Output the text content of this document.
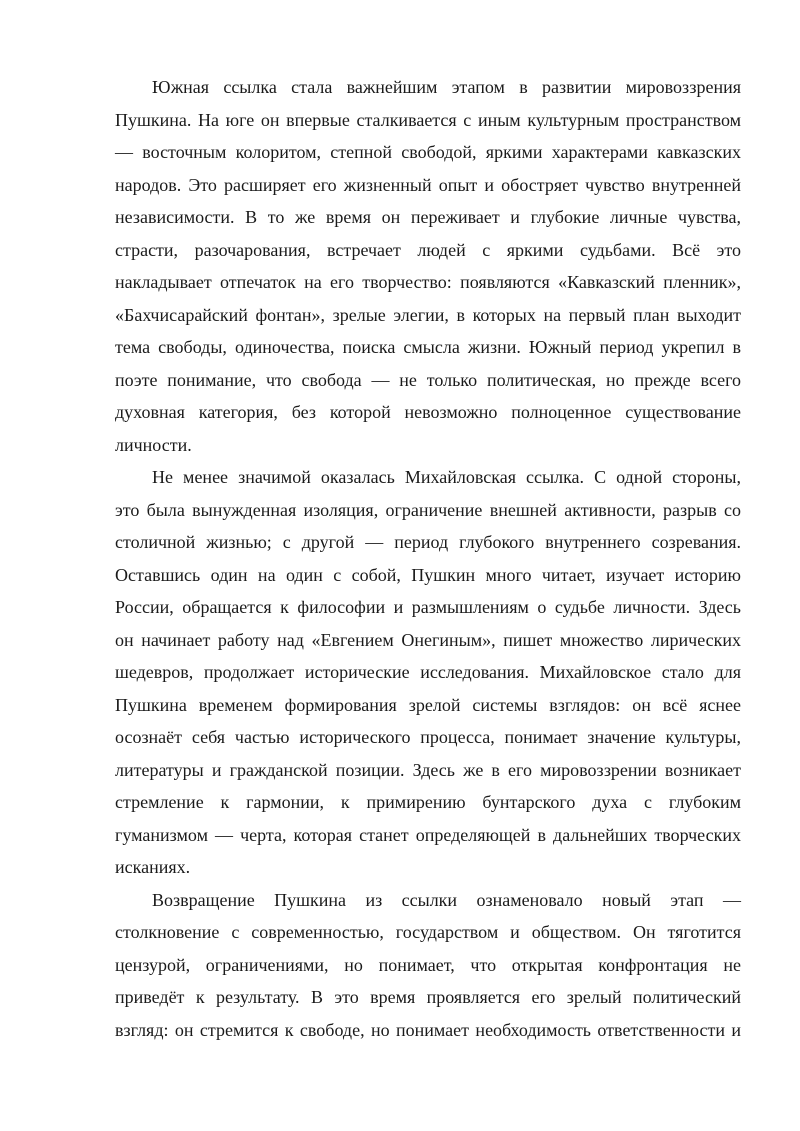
Южная ссылка стала важнейшим этапом в развитии мировоззрения
Пушкина. На юге он впервые сталкивается с иным культурным пространством
— восточным колоритом, степной свободой, яркими характерами кавказских
народов. Это расширяет его жизненный опыт и обостряет чувство внутренней
независимости. В то же время он переживает и глубокие личные чувства,
страсти, разочарования, встречает людей с яркими судьбами. Всё это
накладывает отпечаток на его творчество: появляются «Кавказский пленник»,
«Бахчисарайский фонтан», зрелые элегии, в которых на первый план выходит
тема свободы, одиночества, поиска смысла жизни. Южный период укрепил в
поэте понимание, что свобода — не только политическая, но прежде всего
духовная категория, без которой невозможно полноценное существование
личности.
Не менее значимой оказалась Михайловская ссылка. С одной стороны,
это была вынужденная изоляция, ограничение внешней активности, разрыв со
столичной жизнью; с другой — период глубокого внутреннего созревания.
Оставшись один на один с собой, Пушкин много читает, изучает историю
России, обращается к философии и размышлениям о судьбе личности. Здесь
он начинает работу над «Евгением Онегиным», пишет множество лирических
шедевров, продолжает исторические исследования. Михайловское стало для
Пушкина временем формирования зрелой системы взглядов: он всё яснее
осознаёт себя частью исторического процесса, понимает значение культуры,
литературы и гражданской позиции. Здесь же в его мировоззрении возникает
стремление к гармонии, к примирению бунтарского духа с глубоким
гуманизмом — черта, которая станет определяющей в дальнейших творческих
исканиях.
Возвращение Пушкина из ссылки ознаменовало новый этап —
столкновение с современностью, государством и обществом. Он тяготится
цензурой, ограничениями, но понимает, что открытая конфронтация не
приведёт к результату. В это время проявляется его зрелый политический
взгляд: он стремится к свободе, но понимает необходимость ответственности и
